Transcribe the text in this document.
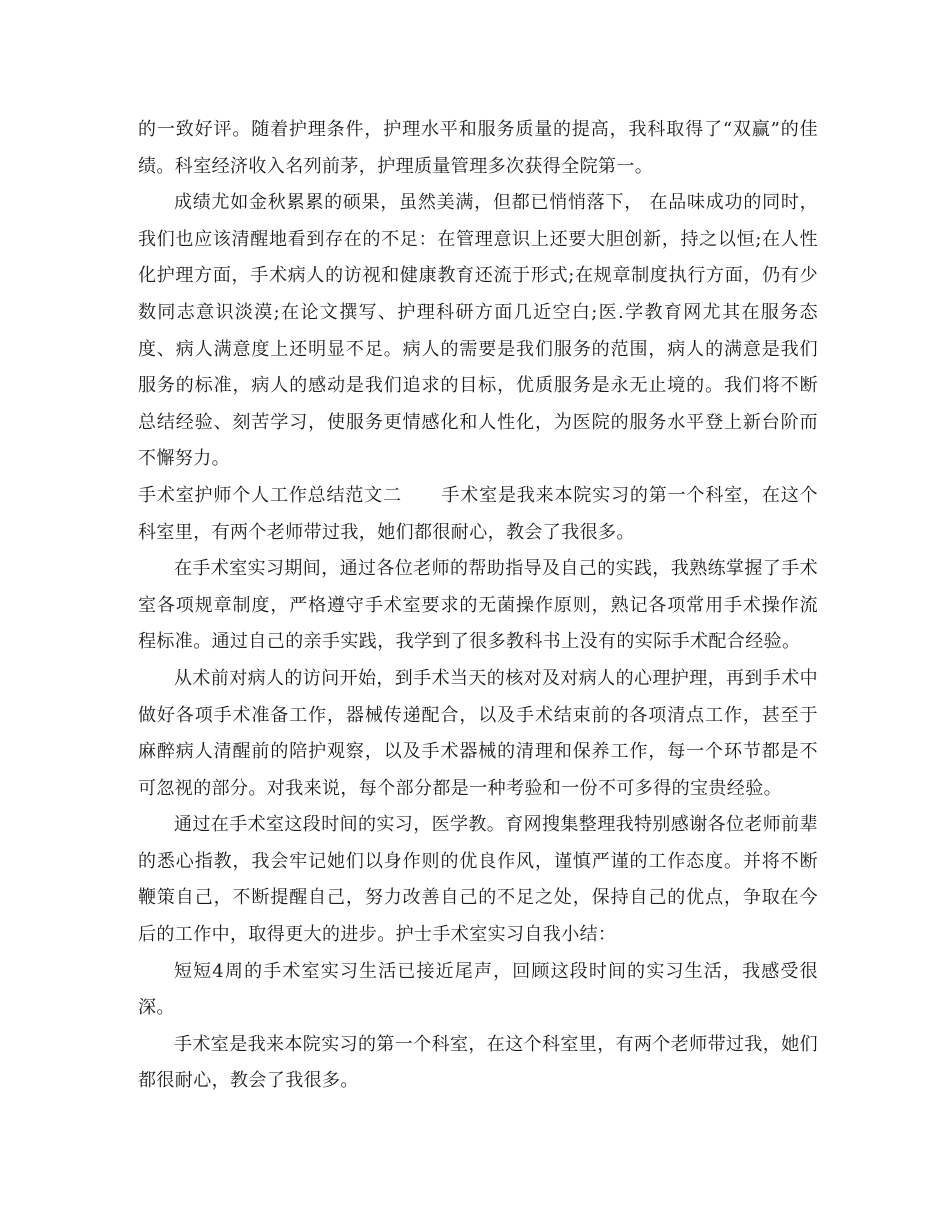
的一致好评。随着护理条件，护理水平和服务质量的提高，我科取得了“双赢”的佳绩。科室经济收入名列前茅，护理质量管理多次获得全院第一。

成绩尤如金秋累累的硕果，虽然美满，但都已悄悄落下， 在品味成功的同时，我们也应该清醒地看到存在的不足：在管理意识上还要大胆创新，持之以恒;在人性化护理方面，手术病人的访视和健康教育还流于形式;在规章制度执行方面，仍有少数同志意识淡漠;在论文撰写、护理科研方面几近空白;医.学教育网尤其在服务态度、病人满意度上还明显不足。病人的需要是我们服务的范围，病人的满意是我们服务的标准，病人的感动是我们追求的目标，优质服务是永无止境的。我们将不断总结经验、刻苦学习，使服务更情感化和人性化，为医院的服务水平登上新台阶而不懈努力。

手术室护师个人工作总结范文二      手术室是我来本院实习的第一个科室，在这个科室里，有两个老师带过我，她们都很耐心，教会了我很多。

在手术室实习期间，通过各位老师的帮助指导及自己的实践，我熟练掌握了手术室各项规章制度，严格遵守手术室要求的无菌操作原则，熟记各项常用手术操作流程标准。通过自己的亲手实践，我学到了很多教科书上没有的实际手术配合经验。

从术前对病人的访问开始，到手术当天的核对及对病人的心理护理，再到手术中做好各项手术准备工作，器械传递配合，以及手术结束前的各项清点工作，甚至于麻醉病人清醒前的陪护观察，以及手术器械的清理和保养工作，每一个环节都是不可忽视的部分。对我来说，每个部分都是一种考验和一份不可多得的宝贵经验。

通过在手术室这段时间的实习，医学教。育网搜集整理我特别感谢各位老师前辈的悉心指教，我会牢记她们以身作则的优良作风，谨慎严谨的工作态度。并将不断鞭策自己，不断提醒自己，努力改善自己的不足之处，保持自己的优点，争取在今后的工作中，取得更大的进步。护士手术室实习自我小结：

短短4周的手术室实习生活已接近尾声，回顾这段时间的实习生活，我感受很深。

手术室是我来本院实习的第一个科室，在这个科室里，有两个老师带过我，她们都很耐心，教会了我很多。
